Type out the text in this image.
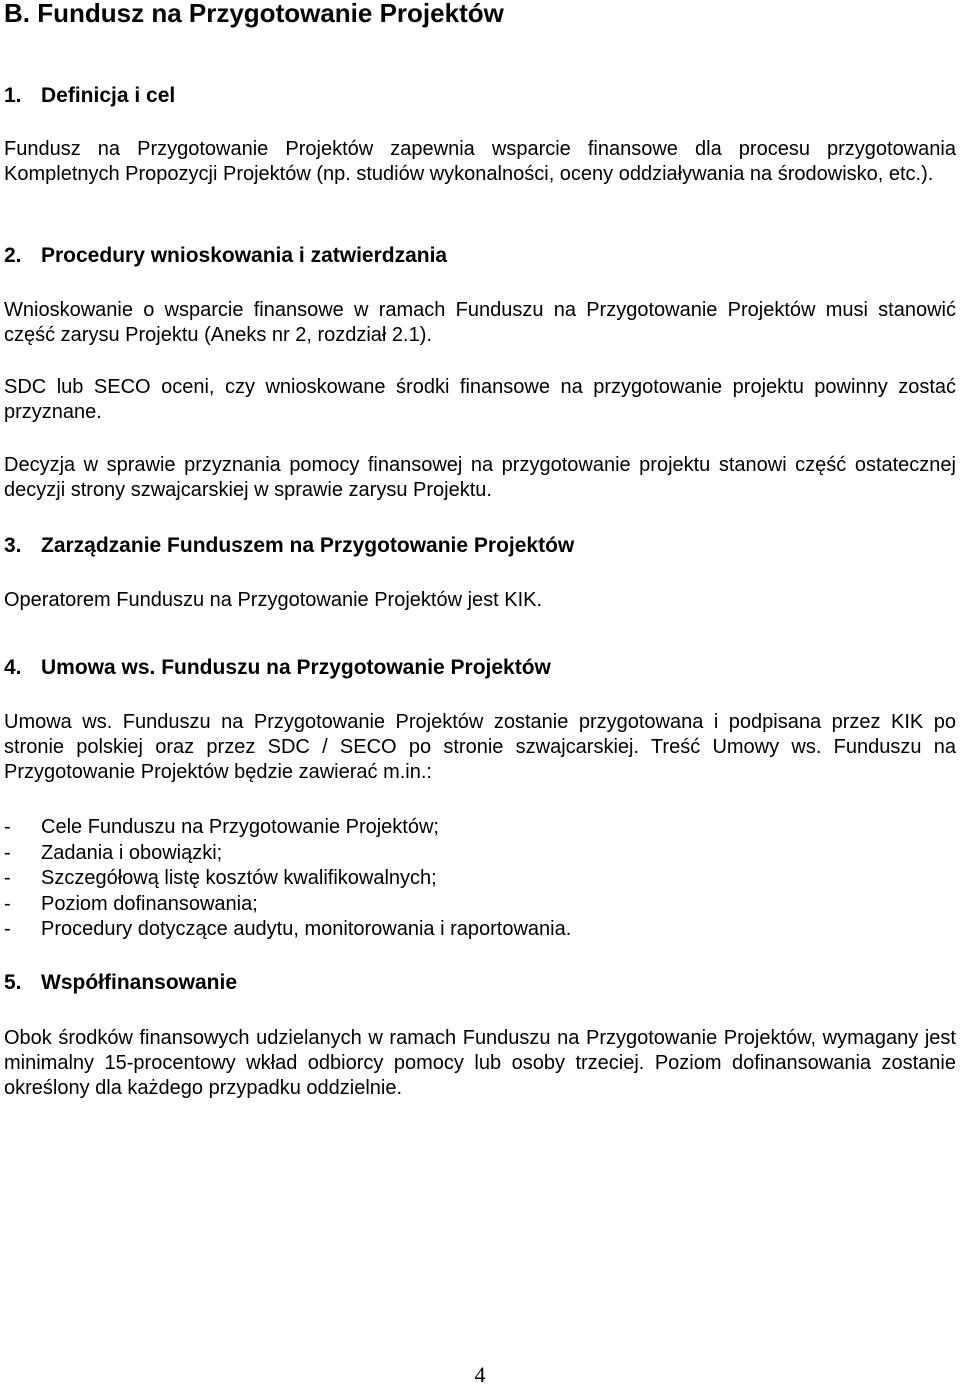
B. Fundusz na Przygotowanie Projektów
1. Definicja i cel

Fundusz na Przygotowanie Projektów zapewnia wsparcie finansowe dla procesu przygotowania Kompletnych Propozycji Projektów (np. studiów wykonalności, oceny oddziaływania na środowisko, etc.).

2. Procedury wnioskowania i zatwierdzania

Wnioskowanie o wsparcie finansowe w ramach Funduszu na Przygotowanie Projektów musi stanowić część zarysu Projektu (Aneks nr 2, rozdział 2.1).

SDC lub SECO oceni, czy wnioskowane środki finansowe na przygotowanie projektu powinny zostać przyznane.

Decyzja w sprawie przyznania pomocy finansowej na przygotowanie projektu stanowi część ostatecznej decyzji strony szwajcarskiej w sprawie zarysu Projektu.

3. Zarządzanie Funduszem na Przygotowanie Projektów

Operatorem Funduszu na Przygotowanie Projektów jest KIK.

4. Umowa ws. Funduszu na Przygotowanie Projektów

Umowa ws. Funduszu na Przygotowanie Projektów zostanie przygotowana i podpisana przez KIK po stronie polskiej oraz przez SDC / SECO po stronie szwajcarskiej. Treść Umowy ws. Funduszu na Przygotowanie Projektów będzie zawierać m.in.:

-	Cele Funduszu na Przygotowanie Projektów;
-	Zadania i obowiązki;
-	Szczegółową listę kosztów kwalifikowalnych;
-	Poziom dofinansowania;
-	Procedury dotyczące audytu, monitorowania i raportowania.
5. Współfinansowanie

Obok środków finansowych udzielanych w ramach Funduszu na Przygotowanie Projektów, wymagany jest minimalny 15-procentowy wkład odbiorcy pomocy lub osoby trzeciej. Poziom dofinansowania zostanie określony dla każdego przypadku oddzielnie.

4
